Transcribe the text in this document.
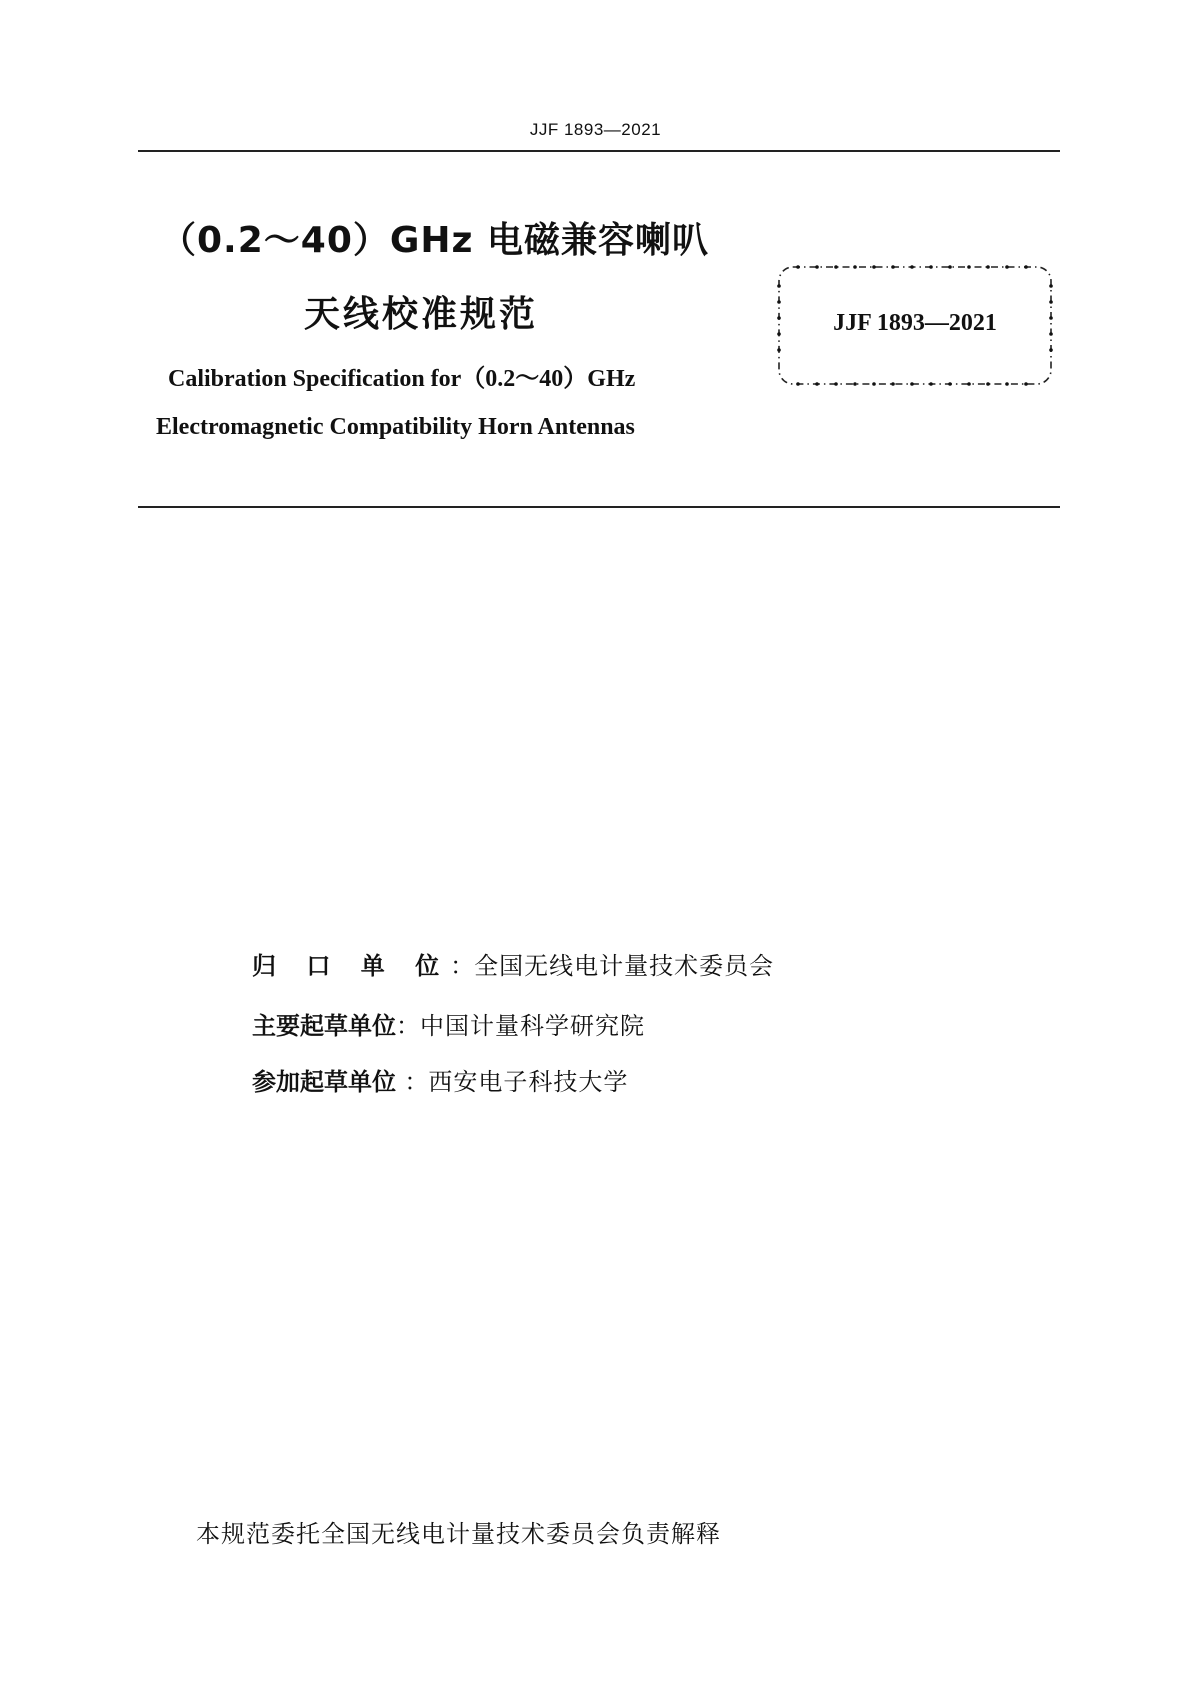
JJF 1893—2021
（0.2～40）GHz 电磁兼容喇叭
天线校准规范
Calibration Specification for（0.2～40）GHz
Electromagnetic Compatibility Horn Antennas
JJF 1893—2021
归 口 单 位：全国无线电计量技术委员会
主要起草单位：中国计量科学研究院
参加起草单位 ：西安电子科技大学
本规范委托全国无线电计量技术委员会负责解释
